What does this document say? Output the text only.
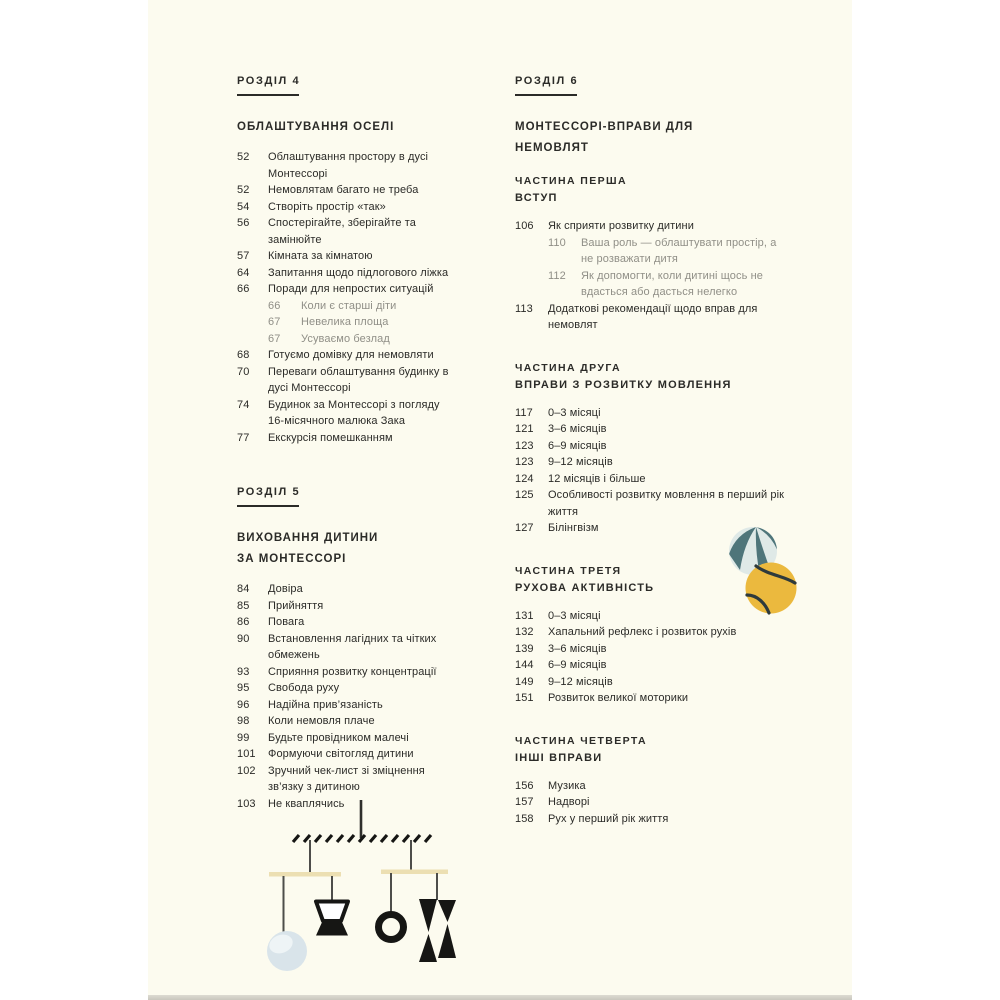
РОЗДІЛ 4
ОБЛАШТУВАННЯ ОСЕЛІ
52	Облаштування простору в дусі Монтессорі
52	Немовлятам багато не треба
54	Створіть простір «так»
56	Спостерігайте, зберігайте та замінюйте
57	Кімната за кімнатою
64	Запитання щодо підлогового ліжка
66	Поради для непростих ситуацій
66	Коли є старші діти
67	Невелика площа
67	Усуваємо безлад
68	Готуємо домівку для немовляти
70	Переваги облаштування будинку в дусі Монтессорі
74	Будинок за Монтессорі з погляду 16-місячного малюка Зака
77	Екскурсія помешканням
РОЗДІЛ 5
ВИХОВАННЯ ДИТИНИ
ЗА МОНТЕССОРІ
84	Довіра
85	Прийняття
86	Повага
90	Встановлення лагідних та чітких обмежень
93	Сприяння розвитку концентрації
95	Свобода руху
96	Надійна прив’язаність
98	Коли немовля плаче
99	Будьте провідником малечі
101	Формуючи світогляд дитини
102	Зручний чек-лист зі зміцнення зв’язку з дитиною
103	Не кваплячись
РОЗДІЛ 6
МОНТЕССОРІ-ВПРАВИ ДЛЯ
НЕМОВЛЯТ
ЧАСТИНА ПЕРША
ВСТУП
106	Як сприяти розвитку дитини
110	Ваша роль — облаштувати простір, а не розважати дитя
112	Як допомогти, коли дитині щось не вдасться або дасться нелегко
113	Додаткові рекомендації щодо вправ для немовлят
ЧАСТИНА ДРУГА
ВПРАВИ З РОЗВИТКУ МОВЛЕННЯ
117	0–3 місяці
121	3–6 місяців
123	6–9 місяців
123	9–12 місяців
124	12 місяців і більше
125	Особливості розвитку мовлення в перший рік життя
127	Білінгвізм
ЧАСТИНА ТРЕТЯ
РУХОВА АКТИВНІСТЬ
131	0–3 місяці
132	Хапальний рефлекс і розвиток рухів
139	3–6 місяців
144	6–9 місяців
149	9–12 місяців
151	Розвиток великої моторики
ЧАСТИНА ЧЕТВЕРТА
ІНШІ ВПРАВИ
156	Музика
157	Надворі
158	Рух у перший рік життя
